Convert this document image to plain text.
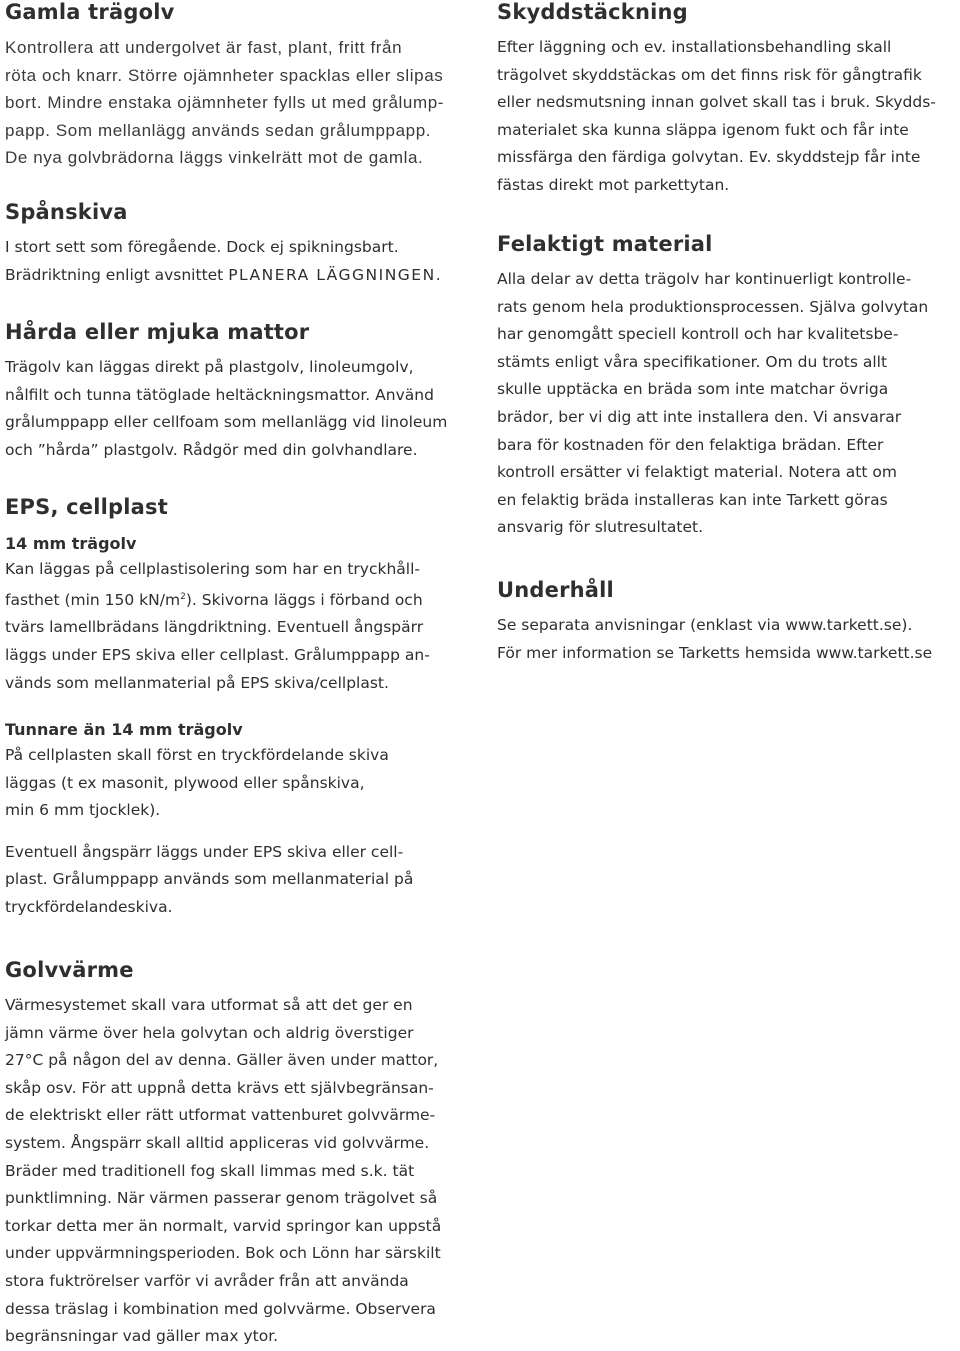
Gamla trägolv

Kontrollera att undergolvet är fast, plant, fritt från
röta och knarr. Större ojämnheter spacklas eller slipas
bort. Mindre enstaka ojämnheter fylls ut med grålump-
papp. Som mellanlägg används sedan grålumppapp.
De nya golvbrädorna läggs vinkelrätt mot de gamla.

Spånskiva

I stort sett som föregående. Dock ej spikningsbart.
Brädriktning enligt avsnittet PLANERA LÄGGNINGEN.

Hårda eller mjuka mattor

Trägolv kan läggas direkt på plastgolv, linoleumgolv,
nålfilt och tunna tätöglade heltäckningsmattor. Använd
grålumppapp eller cellfoam som mellanlägg vid linoleum
och ”hårda” plastgolv. Rådgör med din golvhandlare.

EPS, cellplast
14 mm trägolv

Kan läggas på cellplastisolering som har en tryckhåll-
fasthet (min 150 $kN/m^2$). Skivorna läggs i förband och
tvärs lamellbrädans längdriktning. Eventuell ångspärr
läggs under EPS skiva eller cellplast. Grålumppapp an-
vänds som mellanmaterial på EPS skiva/cellplast.

Tunnare än 14 mm trägolv

På cellplasten skall först en tryckfördelande skiva
läggas (t ex masonit, plywood eller spånskiva,
min 6 mm tjocklek).

Eventuell ångspärr läggs under EPS skiva eller cell-
plast. Grålumppapp används som mellanmaterial på
tryckfördelandeskiva.

Golvvärme

Värmesystemet skall vara utformat så att det ger en
jämn värme över hela golvytan och aldrig överstiger
27°C på någon del av denna. Gäller även under mattor,
skåp osv. För att uppnå detta krävs ett självbegränsan-
de elektriskt eller rätt utformat vattenburet golvvärme-
system. Ångspärr skall alltid appliceras vid golvvärme.
Bräder med traditionell fog skall limmas med s.k. tät
punktlimning. När värmen passerar genom trägolvet så
torkar detta mer än normalt, varvid springor kan uppstå
under uppvärmningsperioden. Bok och Lönn har särskilt
stora fuktrörelser varför vi avråder från att använda
dessa träslag i kombination med golvvärme. Observera
begränsningar vad gäller max ytor.

Skyddstäckning

Efter läggning och ev. installationsbehandling skall
trägolvet skyddstäckas om det finns risk för gångtrafik
eller nedsmutsning innan golvet skall tas i bruk. Skydds-
materialet ska kunna släppa igenom fukt och får inte
missfärga den färdiga golvytan. Ev. skyddstejp får inte
fästas direkt mot parkettytan.

Felaktigt material

Alla delar av detta trägolv har kontinuerligt kontrolle-
rats genom hela produktionsprocessen. Själva golvytan
har genomgått speciell kontroll och har kvalitetsbe-
stämts enligt våra specifikationer. Om du trots allt
skulle upptäcka en bräda som inte matchar övriga
brädor, ber vi dig att inte installera den. Vi ansvarar
bara för kostnaden för den felaktiga brädan. Efter
kontroll ersätter vi felaktigt material. Notera att om
en felaktig bräda installeras kan inte Tarkett göras
ansvarig för slutresultatet.

Underhåll

Se separata anvisningar (enklast via www.tarkett.se).
För mer information se Tarketts hemsida www.tarkett.se
